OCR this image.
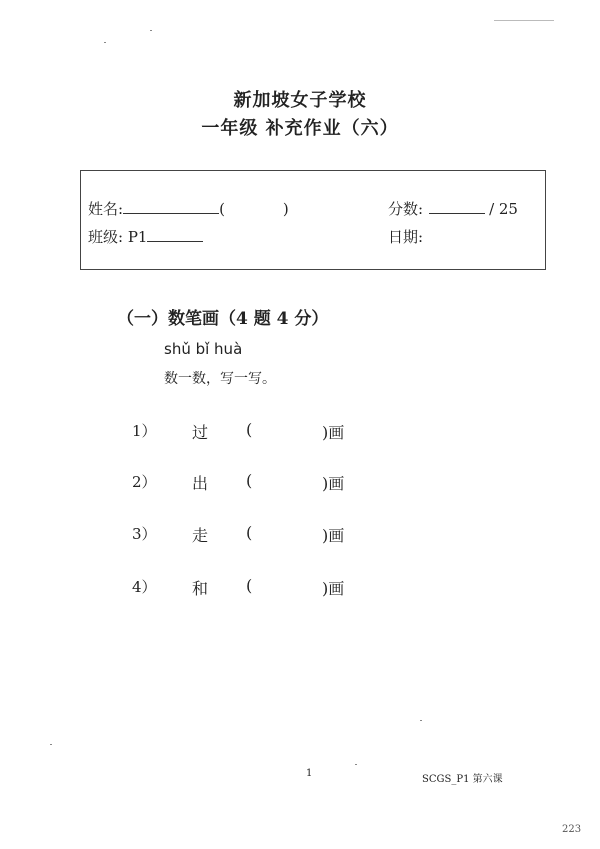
新加坡女子学校
一年级 补充作业（六）
姓名:	(	)	分数:	/ 25
班级: P1	日期:
（一）数笔画（4 题 4 分）
shǔ bǐ huà
数一数，写一写。
1） 过 (	)画
2） 出 (	)画
3） 走 (	)画
4） 和 (	)画
1
SCGS_P1 第六课
223
